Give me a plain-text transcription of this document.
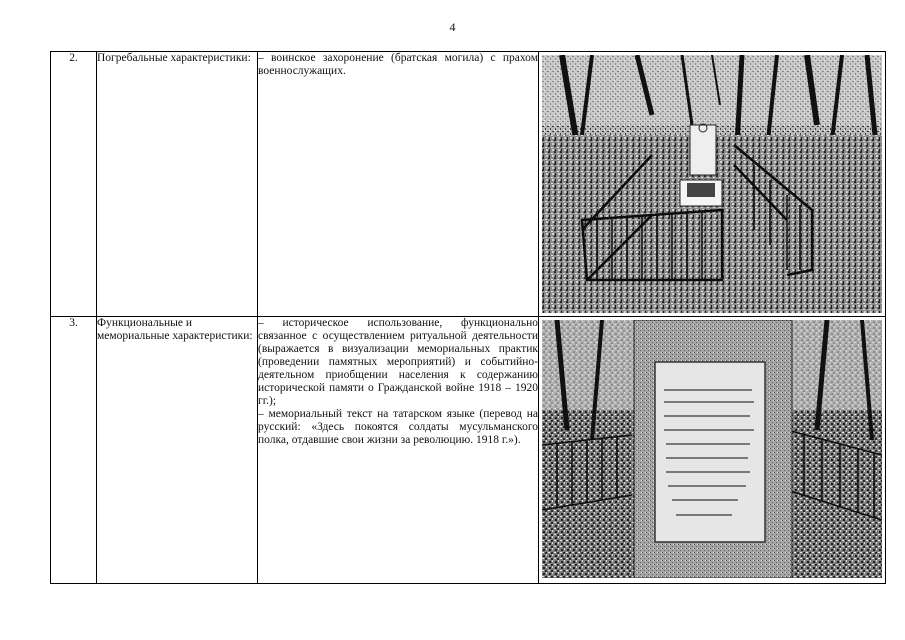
4
2.	Погребальные характеристики:	– воинское захоронение (братская могила) с прахом военнослужащих.

3.	Функциональные и мемориальные характеристики:	– историческое использование, функционально связанное с осуществлением ритуальной деятельности (выражается в визуализации мемориальных практик (проведении памятных мероприятий) и событийно-деятельном приобщении населения к содержанию исторической памяти о Гражданской войне 1918 – 1920 гг.);

– мемориальный текст на татарском языке (перевод на русский: «Здесь покоятся солдаты мусульманского полка, отдавшие свои жизни за революцию. 1918 г.»).
